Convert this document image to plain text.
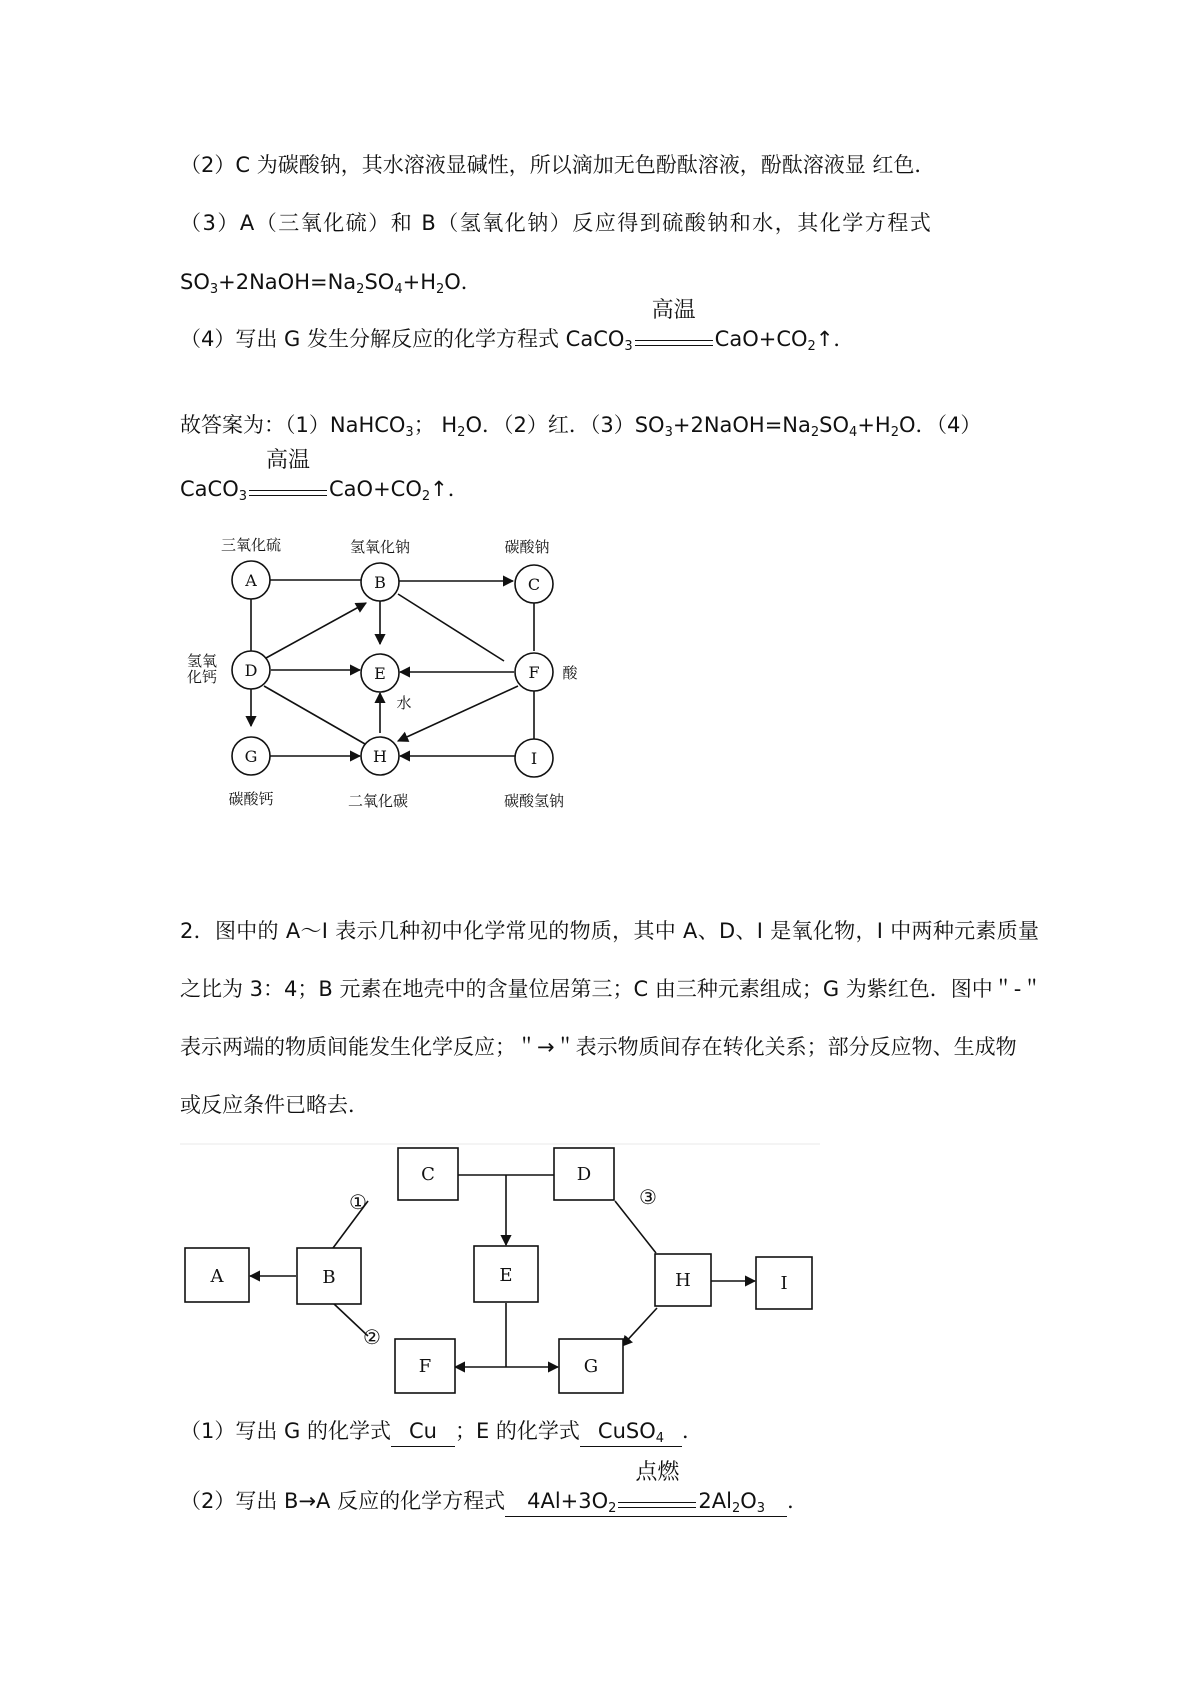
（2）C 为碳酸钠，其水溶液显碱性，所以滴加无色酚酞溶液，酚酞溶液显 红色．
（3）A（三氧化硫）和 B（氢氧化钠）反应得到硫酸钠和水，其化学方程式
$SO_3+2NaOH=Na_2SO_4+H_2O$．
（4）写出 G 发生分解反应的化学方程式 CaCO$_3$
高温
$CaO+CO_2↑$．
故答案为：（1）NaHCO$_3$； $H_2O$．（2）红．$(3)SO_3+2NaOH=Na_2SO_4+H_2O$．（4）
CaCO$_3$
高温
$CaO+CO_2↑$．
A	B	C
D	E	F
G	H	I
三氧化硫	氢氧化钠	碳酸钠
氢氧
化钙
水
酸
碳酸钙	二氧化碳	碳酸氢钠
2．图中的 A～I 表示几种初中化学常见的物质，其中 A、D、I 是氧化物，I 中两种元素质量
之比为 3：4；B 元素在地壳中的含量位居第三；C 由三种元素组成；G 为紫红色．图中＂-＂
表示两端的物质间能发生化学反应；＂→＂表示物质间存在转化关系；部分反应物、生成物
或反应条件已略去．
A	B
C	D
E
F	G
H	I
①
②
③
（1）写出 G 的化学式 Cu ；E 的化学式 CuSO$_4$ ．
（2）写出 B→A 反应的化学方程式 $4Al+3O_2$
点燃
$2Al_2O_3$ ．
